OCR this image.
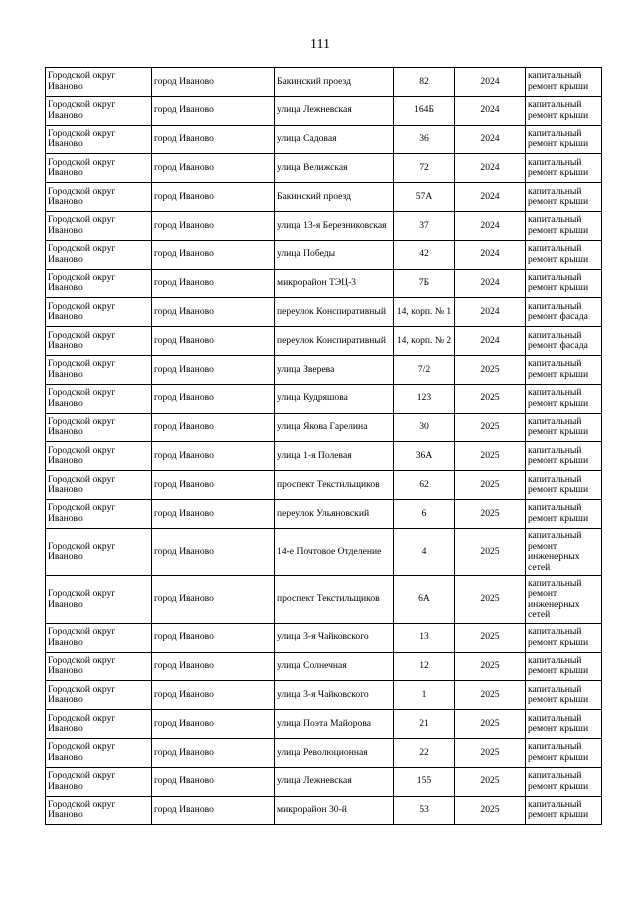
111
Городской округ Иваново	город Иваново	Бакинский проезд	82	2024	капитальный ремонт крыши
Городской округ Иваново	город Иваново	улица Лежневская	164Б	2024	капитальный ремонт крыши
Городской округ Иваново	город Иваново	улица Садовая	36	2024	капитальный ремонт крыши
Городской округ Иваново	город Иваново	улица Велижская	72	2024	капитальный ремонт крыши
Городской округ Иваново	город Иваново	Бакинский проезд	57А	2024	капитальный ремонт крыши
Городской округ Иваново	город Иваново	улица 13-я Березниковская	37	2024	капитальный ремонт крыши
Городской округ Иваново	город Иваново	улица Победы	42	2024	капитальный ремонт крыши
Городской округ Иваново	город Иваново	микрорайон ТЭЦ-3	7Б	2024	капитальный ремонт крыши
Городской округ Иваново	город Иваново	переулок Конспиративный	14, корп. № 1	2024	капитальный ремонт фасада
Городской округ Иваново	город Иваново	переулок Конспиративный	14, корп. № 2	2024	капитальный ремонт фасада
Городской округ Иваново	город Иваново	улица Зверева	7/2	2025	капитальный ремонт крыши
Городской округ Иваново	город Иваново	улица Кудряшова	123	2025	капитальный ремонт крыши
Городской округ Иваново	город Иваново	улица Якова Гарелина	30	2025	капитальный ремонт крыши
Городской округ Иваново	город Иваново	улица 1-я Полевая	36А	2025	капитальный ремонт крыши
Городской округ Иваново	город Иваново	проспект Текстильщиков	62	2025	капитальный ремонт крыши
Городской округ Иваново	город Иваново	переулок Ульяновский	6	2025	капитальный ремонт крыши
Городской округ Иваново	город Иваново	14-е Почтовое Отделение	4	2025	капитальный ремонт инженерных сетей
Городской округ Иваново	город Иваново	проспект Текстильщиков	6А	2025	капитальный ремонт инженерных сетей
Городской округ Иваново	город Иваново	улица 3-я Чайковского	13	2025	капитальный ремонт крыши
Городской округ Иваново	город Иваново	улица Солнечная	12	2025	капитальный ремонт крыши
Городской округ Иваново	город Иваново	улица 3-я Чайковского	1	2025	капитальный ремонт крыши
Городской округ Иваново	город Иваново	улица Поэта Майорова	21	2025	капитальный ремонт крыши
Городской округ Иваново	город Иваново	улица Революционная	22	2025	капитальный ремонт крыши
Городской округ Иваново	город Иваново	улица Лежневская	155	2025	капитальный ремонт крыши
Городской округ Иваново	город Иваново	микрорайон 30-й	53	2025	капитальный ремонт крыши
